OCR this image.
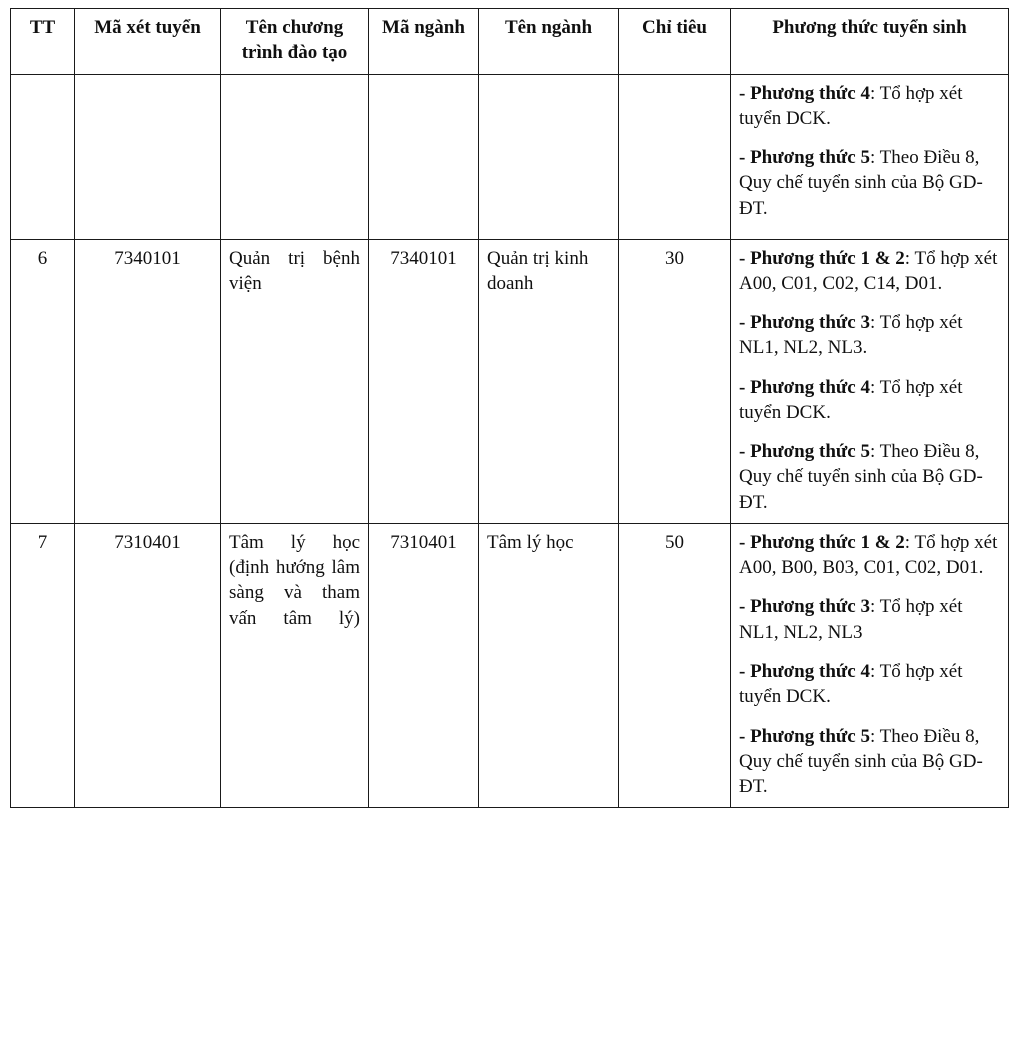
TT	Mã xét tuyển	Tên chương trình đào tạo	Mã ngành	Tên ngành	Chỉ tiêu	Phương thức tuyển sinh

						- Phương thức 4: Tổ hợp xét tuyển DCK.

- Phương thức 5: Theo Điều 8, Quy chế tuyển sinh của Bộ GD-ĐT.

6	7340101	Quản trị bệnh viện	7340101	Quản trị kinh doanh	30	- Phương thức 1 & 2: Tổ hợp xét A00, C01, C02, C14, D01.

- Phương thức 3: Tổ hợp xét NL1, NL2, NL3.

- Phương thức 4: Tổ hợp xét tuyển DCK.

- Phương thức 5: Theo Điều 8, Quy chế tuyển sinh của Bộ GD-ĐT.

7	7310401	Tâm lý học (định hướng lâm sàng và tham vấn tâm lý)	7310401	Tâm lý học	50	- Phương thức 1 & 2: Tổ hợp xét A00, B00, B03, C01, C02, D01.

- Phương thức 3: Tổ hợp xét NL1, NL2, NL3

- Phương thức 4: Tổ hợp xét tuyển DCK.

- Phương thức 5: Theo Điều 8, Quy chế tuyển sinh của Bộ GD-ĐT.
